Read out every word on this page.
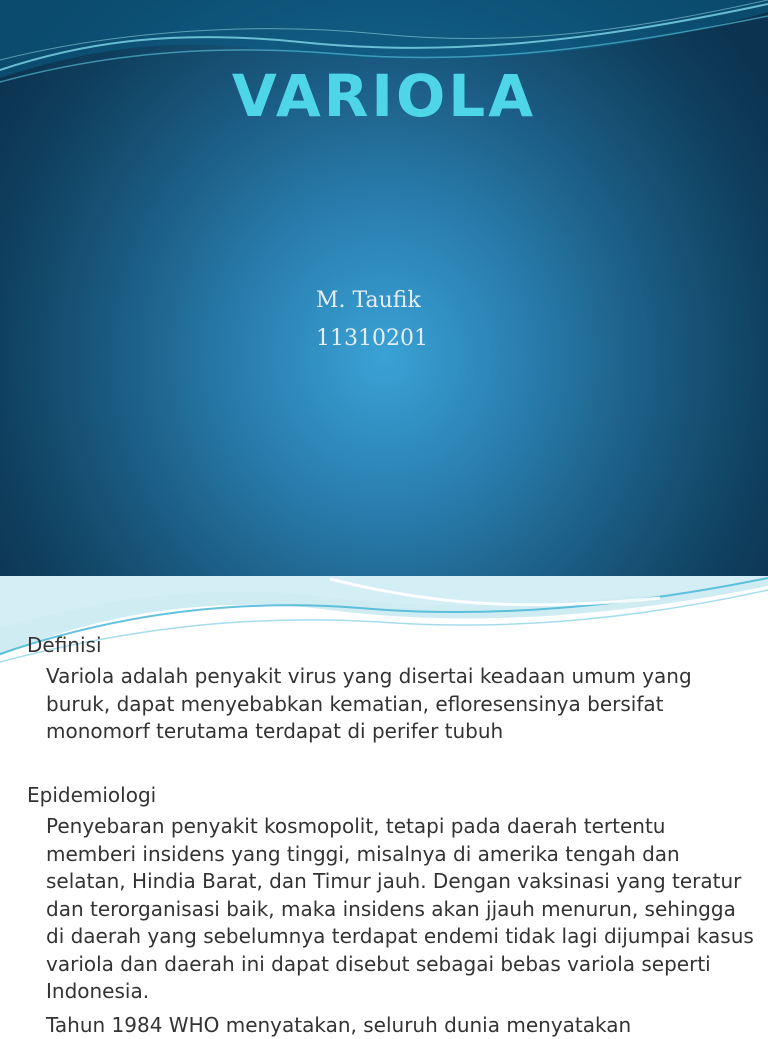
VARIOLA
M. Taufik
11310201
Definisi

Variola adalah penyakit virus yang disertai keadaan umum yang buruk, dapat menyebabkan kematian, efloresensinya bersifat monomorf terutama terdapat di perifer tubuh

Epidemiologi

Penyebaran penyakit kosmopolit, tetapi pada daerah tertentu memberi insidens yang tinggi, misalnya di amerika tengah dan selatan, Hindia Barat, dan Timur jauh. Dengan vaksinasi yang teratur dan terorganisasi baik, maka insidens akan jjauh menurun, sehingga di daerah yang sebelumnya terdapat endemi tidak lagi dijumpai kasus variola dan daerah ini dapat disebut sebagai bebas variola seperti Indonesia.

Tahun 1984 WHO menyatakan, seluruh dunia menyatakan
